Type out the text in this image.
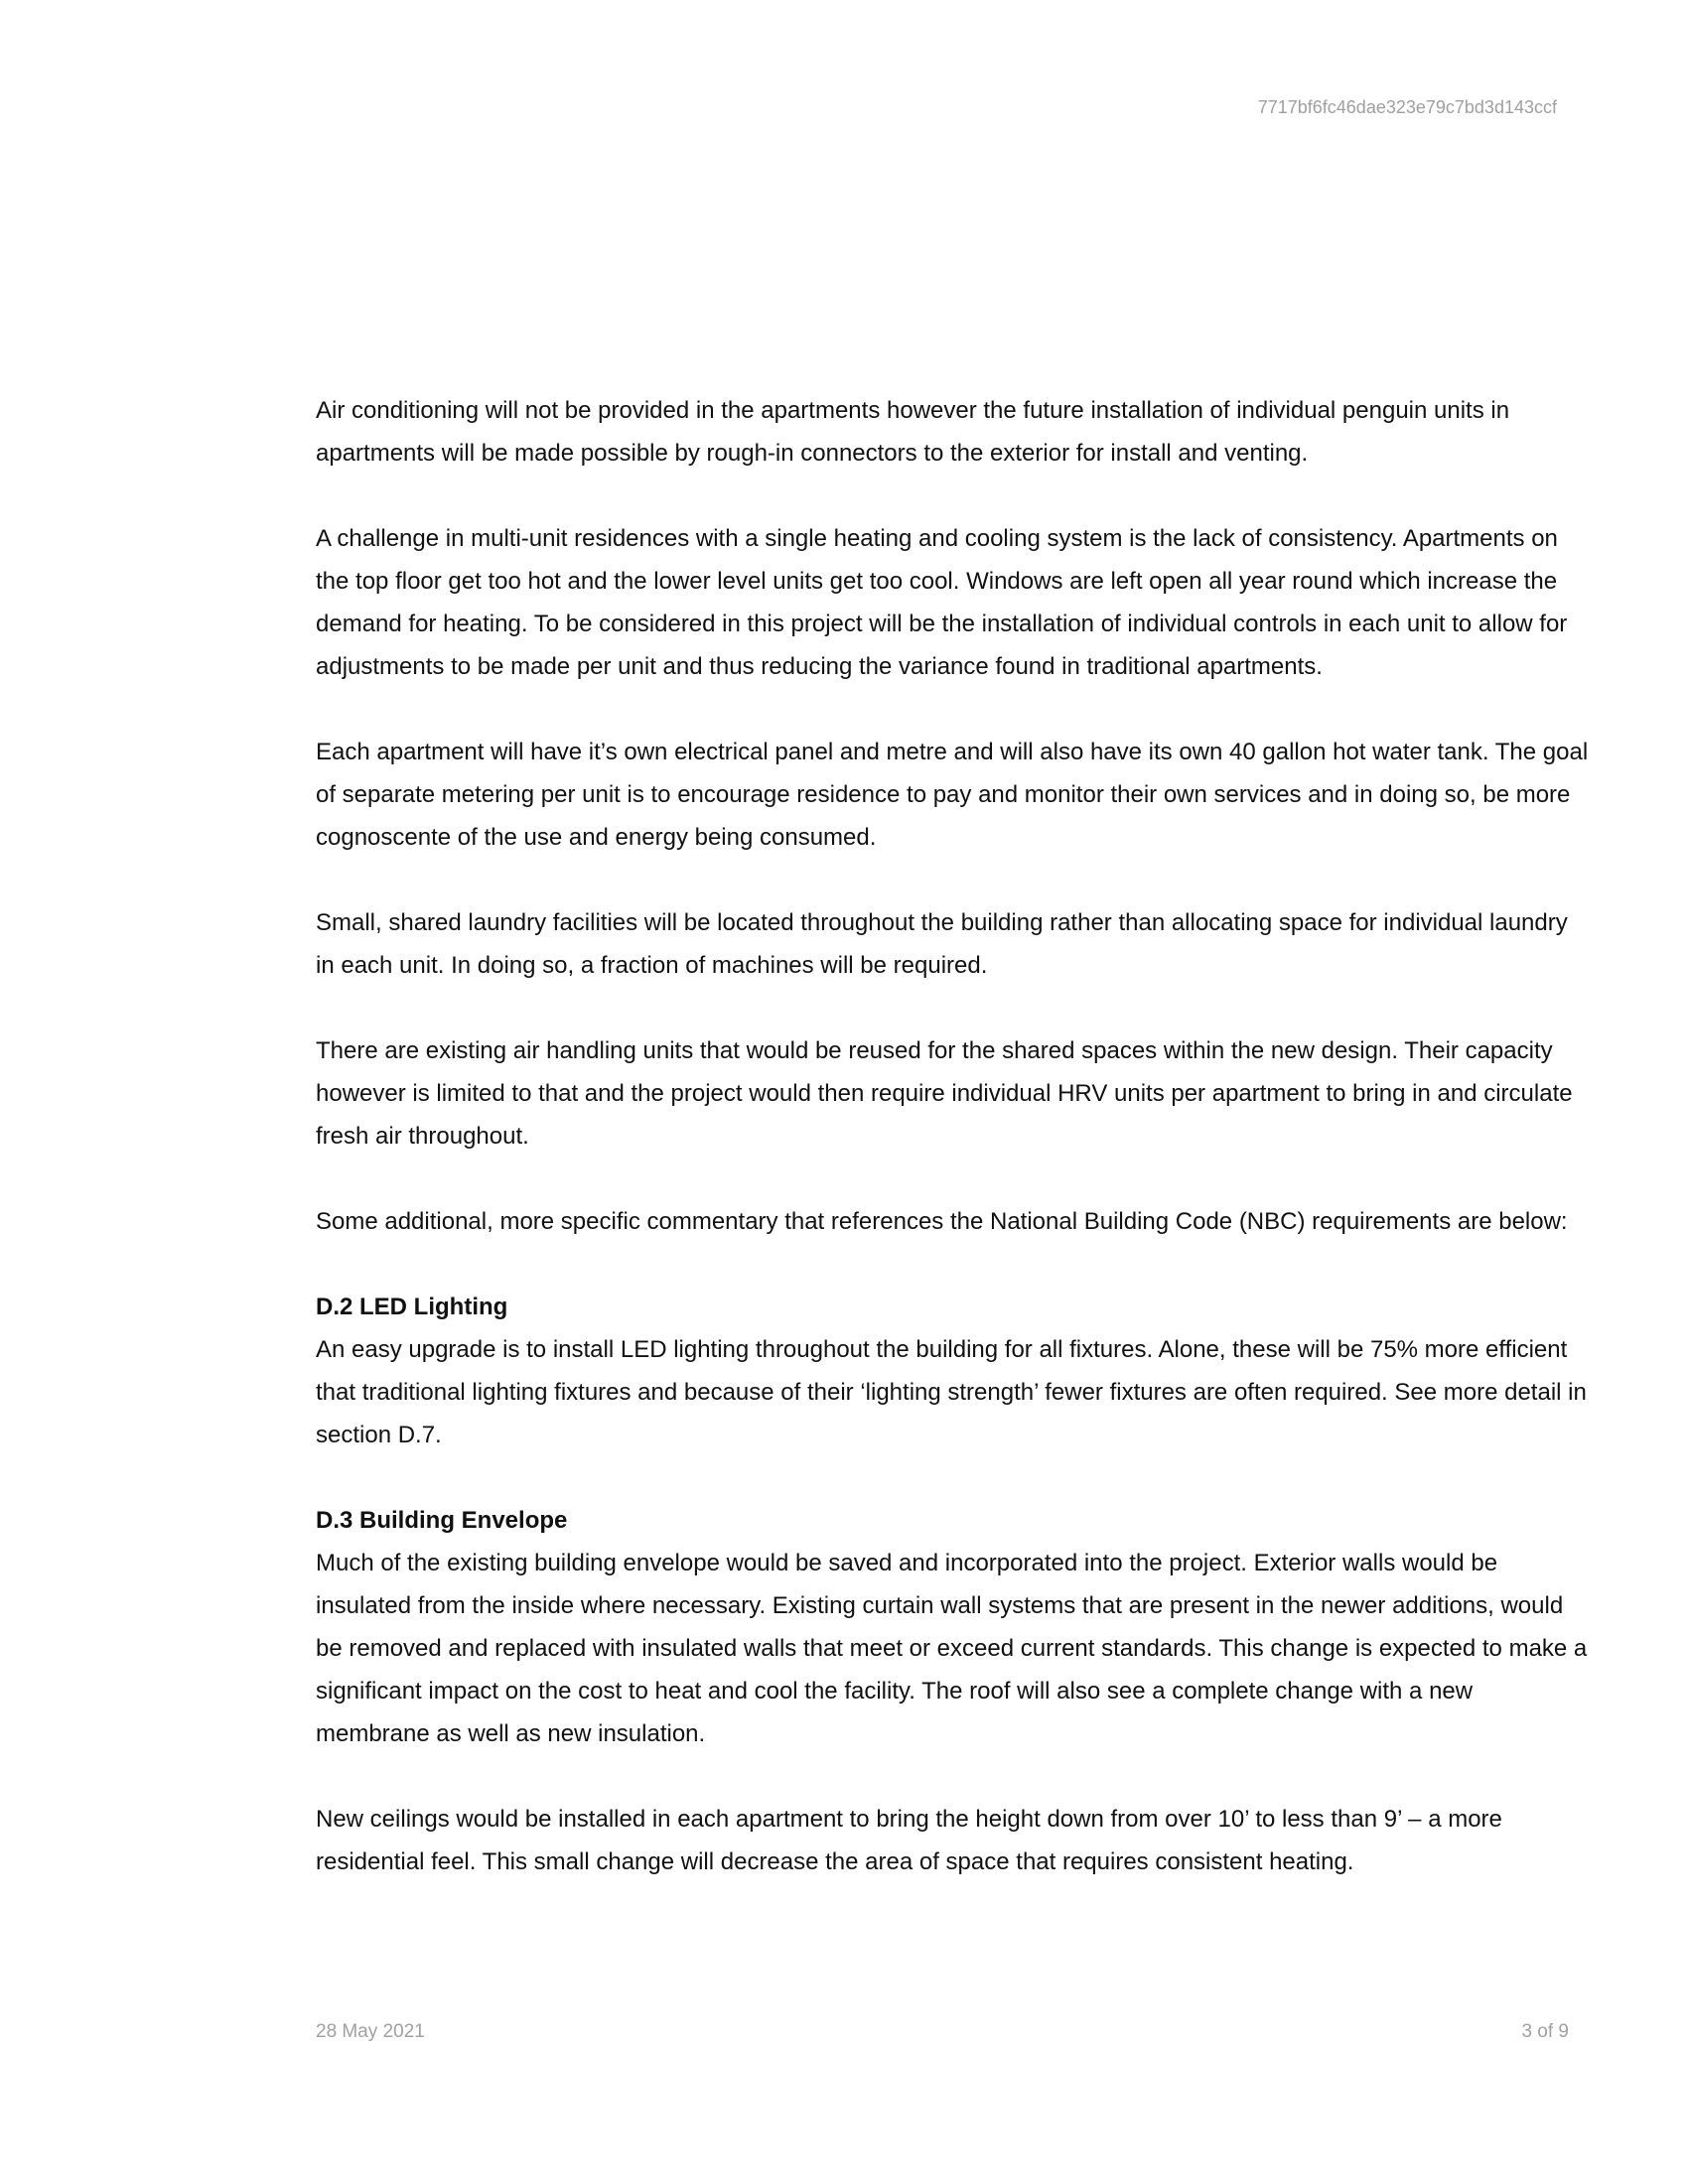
7717bf6fc46dae323e79c7bd3d143ccf

Air conditioning will not be provided in the apartments however the future installation of individual penguin units in apartments will be made possible by rough-in connectors to the exterior for install and venting.

A challenge in multi-unit residences with a single heating and cooling system is the lack of consistency. Apartments on the top floor get too hot and the lower level units get too cool. Windows are left open all year round which increase the demand for heating. To be considered in this project will be the installation of individual controls in each unit to allow for adjustments to be made per unit and thus reducing the variance found in traditional apartments.

Each apartment will have it’s own electrical panel and metre and will also have its own 40 gallon hot water tank. The goal of separate metering per unit is to encourage residence to pay and monitor their own services and in doing so, be more cognoscente of the use and energy being consumed.

Small, shared laundry facilities will be located throughout the building rather than allocating space for individual laundry in each unit. In doing so, a fraction of machines will be required.

There are existing air handling units that would be reused for the shared spaces within the new design. Their capacity however is limited to that and the project would then require individual HRV units per apartment to bring in and circulate fresh air throughout.

Some additional, more specific commentary that references the National Building Code (NBC) requirements are below:

D.2 LED Lighting

An easy upgrade is to install LED lighting throughout the building for all fixtures. Alone, these will be 75% more efficient that traditional lighting fixtures and because of their ‘lighting strength’ fewer fixtures are often required. See more detail in section D.7.

D.3 Building Envelope

Much of the existing building envelope would be saved and incorporated into the project. Exterior walls would be insulated from the inside where necessary. Existing curtain wall systems that are present in the newer additions, would be removed and replaced with insulated walls that meet or exceed current standards. This change is expected to make a significant impact on the cost to heat and cool the facility. The roof will also see a complete change with a new membrane as well as new insulation.

New ceilings would be installed in each apartment to bring the height down from over 10’ to less than 9’ – a more residential feel. This small change will decrease the area of space that requires consistent heating.

28 May 2021	3 of 9
